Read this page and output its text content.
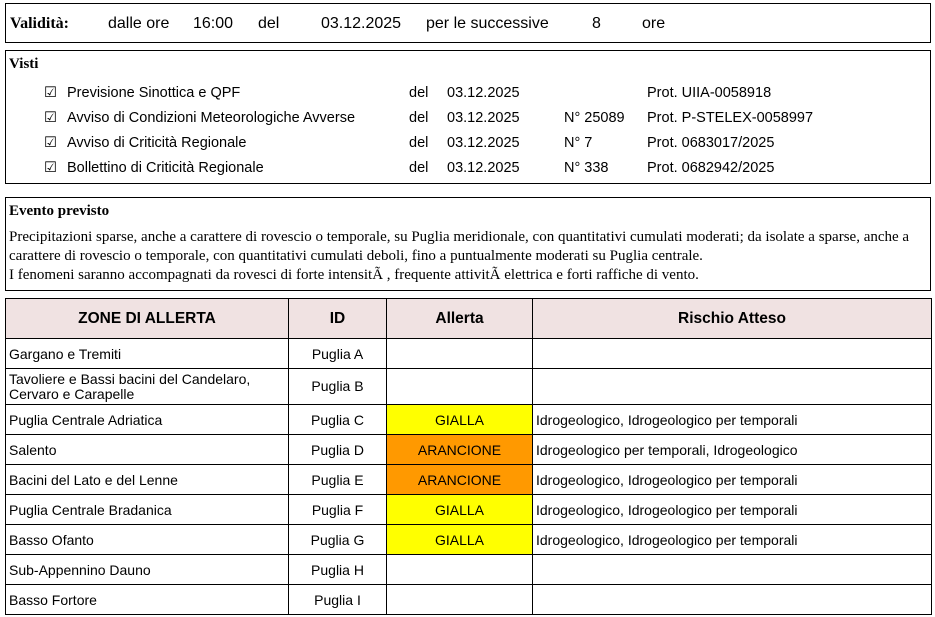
Validità: dalle ore 16:00 del	03.12.2025 per le successive	8	ore
Visti
☑ Previsione Sinottica e QPF	del 03.12.2025	Prot. UIIA-0058918
☑ Avviso di Condizioni Meteorologiche Avverse	del 03.12.2025	N° 25089 Prot. P-STELEX-0058997
☑ Avviso di Criticità Regionale	del 03.12.2025	N° 7	Prot. 0683017/2025
☑ Bollettino di Criticità Regionale	del 03.12.2025	N° 338	Prot. 0682942/2025
Evento previsto
Precipitazioni sparse, anche a carattere di rovescio o temporale, su Puglia meridionale, con quantitativi cumulati moderati; da isolate a sparse, anche a carattere di rovescio o temporale, con quantitativi cumulati deboli, fino a puntualmente moderati su Puglia centrale.
I fenomeni saranno accompagnati da rovesci di forte intensitÃ , frequente attivitÃ elettrica e forti raffiche di vento.
ZONE DI ALLERTA	ID	Allerta	Rischio Atteso
Gargano e Tremiti	Puglia A		
Tavoliere e Bassi bacini del Candelaro, Cervaro e Carapelle	Puglia B		
Puglia Centrale Adriatica	Puglia C	GIALLA	Idrogeologico, Idrogeologico per temporali
Salento	Puglia D	ARANCIONE	Idrogeologico per temporali, Idrogeologico
Bacini del Lato e del Lenne	Puglia E	ARANCIONE	Idrogeologico, Idrogeologico per temporali
Puglia Centrale Bradanica	Puglia F	GIALLA	Idrogeologico, Idrogeologico per temporali
Basso Ofanto	Puglia G	GIALLA	Idrogeologico, Idrogeologico per temporali
Sub-Appennino Dauno	Puglia H		
Basso Fortore	Puglia I		
